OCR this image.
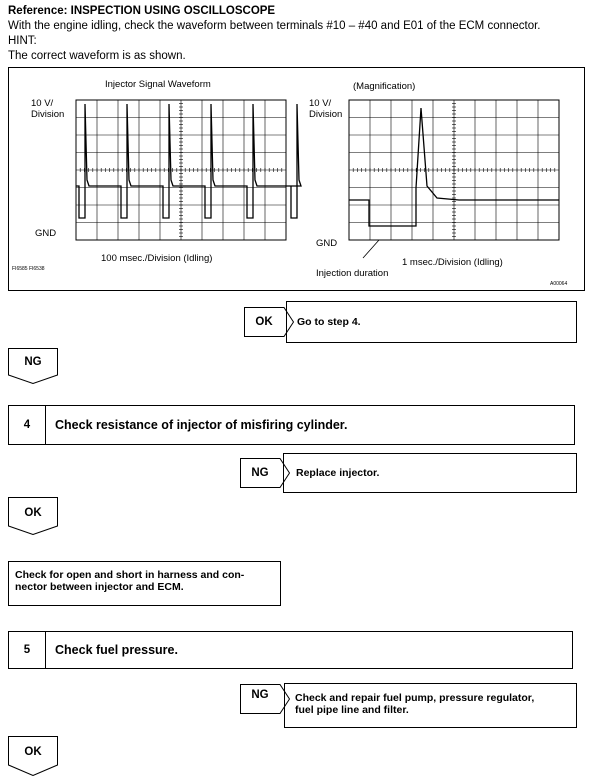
Reference: INSPECTION USING OSCILLOSCOPE
With the engine idling, check the waveform between terminals #10 – #40 and E01 of the ECM connector.
HINT:
The correct waveform is as shown.
Injector Signal Waveform
10 V/
Division
GND
100 msec./Division (Idling)
FI6585 FI6538
(Magnification)
10 V/
Division
GND
1 msec./Division (Idling)
Injection duration
A00064
OK	Go to step 4.
NG
4	Check resistance of injector of misfiring cylinder.
NG	Replace injector.
OK
Check for open and short in harness and con-
nector between injector and ECM.
5	Check fuel pressure.
NG	Check and repair fuel pump, pressure regulator,
fuel pipe line and filter.
OK
